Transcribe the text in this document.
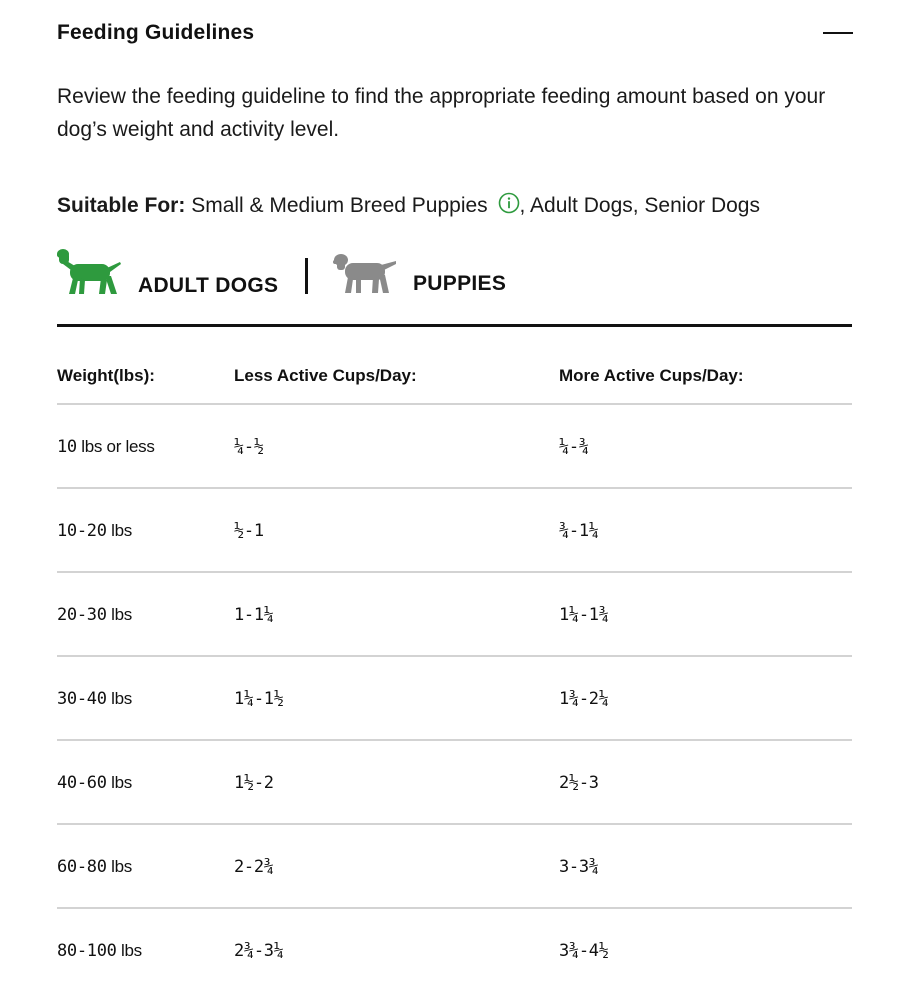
Feeding Guidelines

Review the feeding guideline to find the appropriate feeding amount based on your dog’s weight and activity level.

Suitable For: Small & Medium Breed Puppies , Adult Dogs, Senior Dogs
ADULT DOGS	PUPPIES
Weight(lbs):	Less Active Cups/Day:	More Active Cups/Day:
10 lbs or less	¼-½	¼-¾
10-20 lbs	½-1	¾-1¼
20-30 lbs	1-1¼	1¼-1¾
30-40 lbs	1¼-1½	1¾-2¼
40-60 lbs	1½-2	2½-3
60-80 lbs	2-2¾	3-3¾
80-100 lbs	2¾-3¼	3¾-4½
